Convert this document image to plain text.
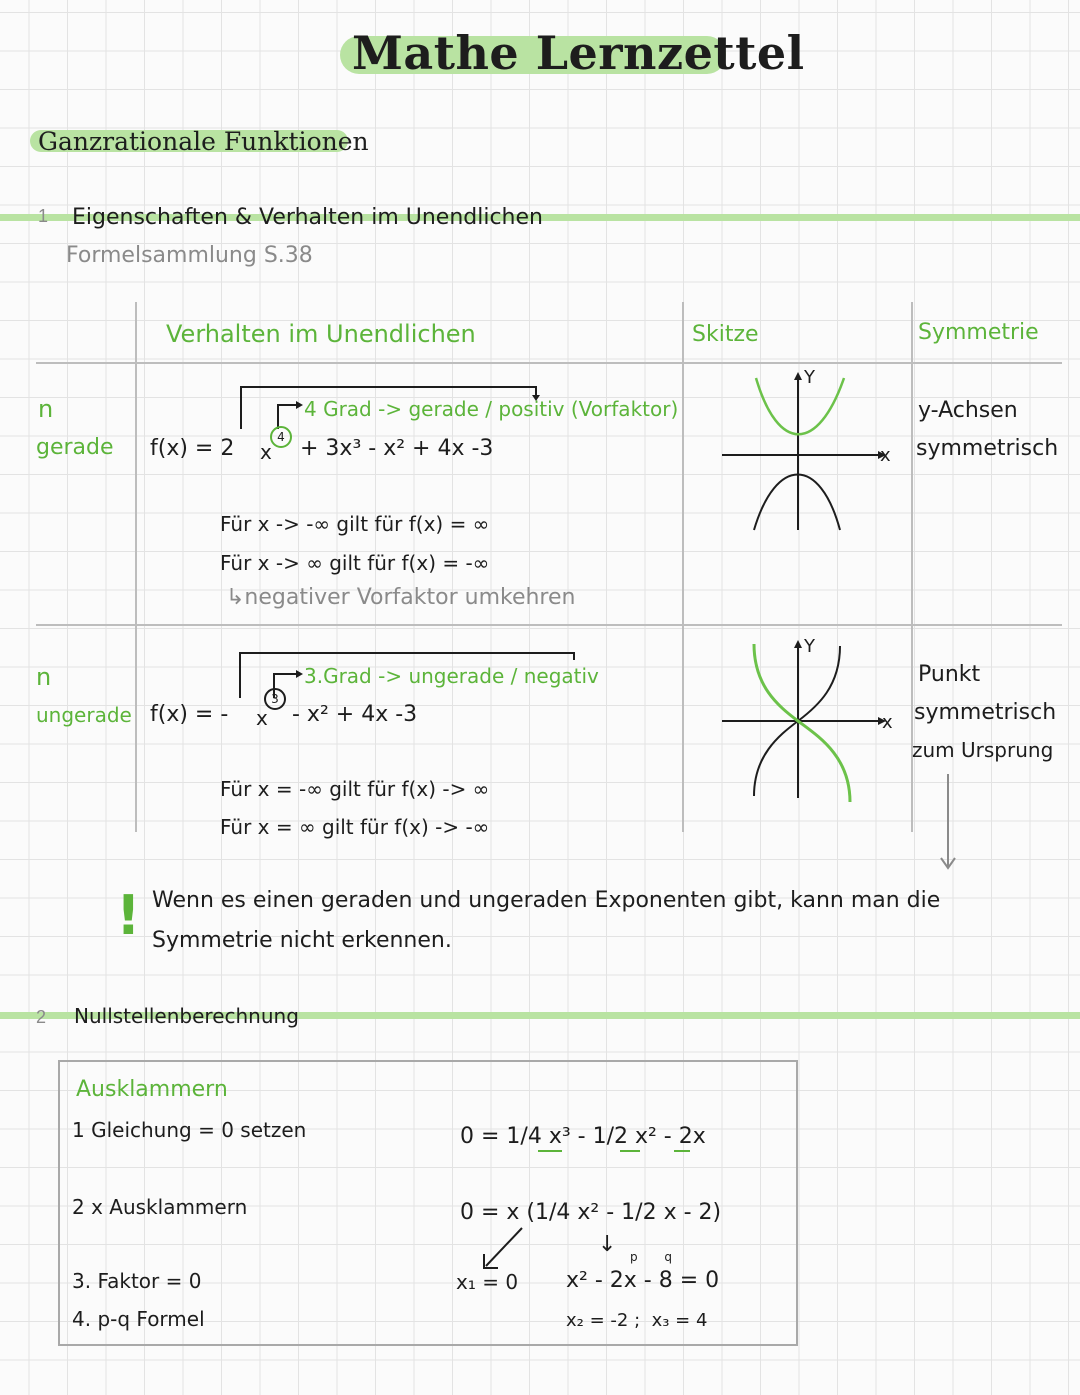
Mathe Lernzettel
Ganzrationale Funktionen
1 Eigenschaften & Verhalten im Unendlichen
Formelsammlung S.38
Verhalten im Unendlichen	Skitze	Symmetrie
n
gerade
4 Grad -> gerade / positiv (Vorfaktor)
f(x) = 2 x
4 + 3x³ - x² + 4x -3
Für x -> -∞ gilt für f(x) = ∞
Für x -> ∞ gilt für f(x) = -∞
↳negativer Vorfaktor umkehren
x
Y
y-Achsen
symmetrisch
n
ungerade
3.Grad -> ungerade / negativ
f(x) = - x
3
- x² + 4x -3
Für x = -∞ gilt für f(x) -> ∞
Für x = ∞ gilt für f(x) -> -∞
x
Y
Punkt
symmetrisch
zum Ursprung
! Wenn es einen geraden und ungeraden Exponenten gibt, kann man die
Symmetrie nicht erkennen.
2 Nullstellenberechnung
Ausklammern
1 Gleichung = 0 setzen
2 x Ausklammern
3. Faktor = 0
4. p-q Formel
0 = 1/4 x³ - 1/2 x² - 2x
0 = x (1/4 x² - 1/2 x - 2)
↓
x₁ = 0
p       q
x² - 2x - 8 = 0
x₂ = -2 ;  x₃ = 4
